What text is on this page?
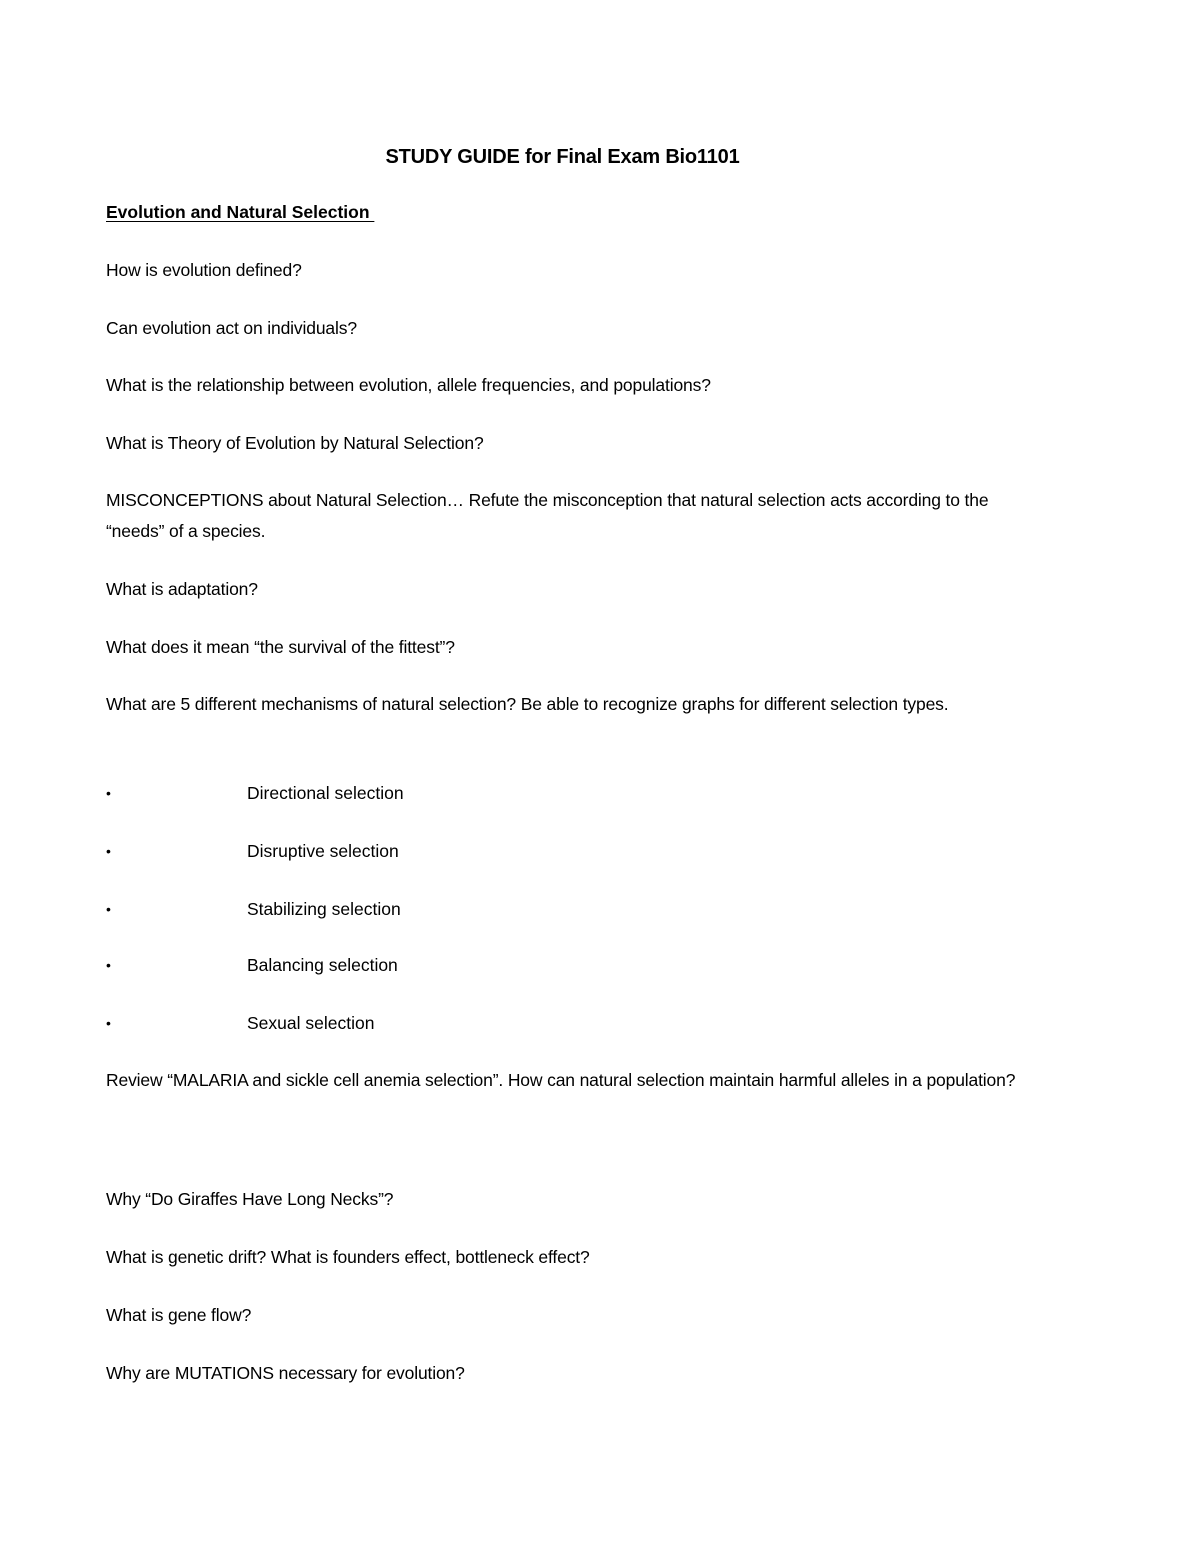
STUDY GUIDE for Final Exam Bio1101
Evolution and Natural Selection
How is evolution defined?
Can evolution act on individuals?
What is the relationship between evolution, allele frequencies, and populations?
What is Theory of Evolution by Natural Selection?
MISCONCEPTIONS about Natural Selection… Refute the misconception that natural selection acts according to the “needs” of a species.
What is adaptation?
What does it mean “the survival of the fittest”?
What are 5 different mechanisms of natural selection? Be able to recognize graphs for different selection types.
•	Directional selection
•	Disruptive selection
•	Stabilizing selection
•	Balancing selection
•	Sexual selection
Review “MALARIA and sickle cell anemia selection”. How can natural selection maintain harmful alleles in a population?
Why “Do Giraffes Have Long Necks”?
What is genetic drift? What is founders effect, bottleneck effect?
What is gene flow?
Why are MUTATIONS necessary for evolution?
